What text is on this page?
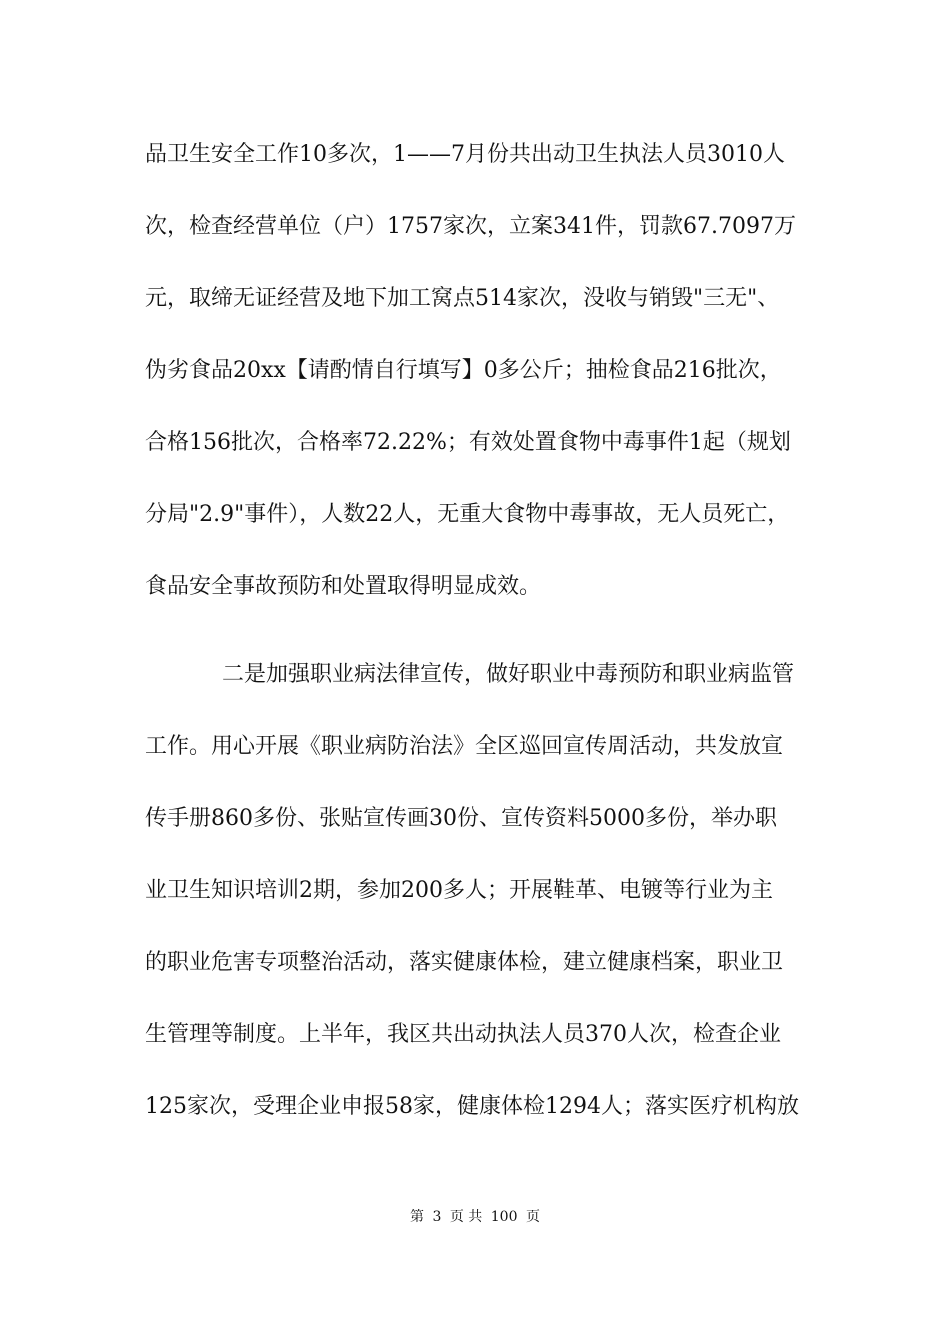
品卫生安全工作10多次，1——7月份共出动卫生执法人员3010人
次，检查经营单位（户）1757家次，立案341件，罚款67.7097万
元，取缔无证经营及地下加工窝点514家次，没收与销毁"三无"、
伪劣食品20xx【请酌情自行填写】0多公斤；抽检食品216批次，
合格156批次，合格率72.22%；有效处置食物中毒事件1起（规划
分局"2.9"事件），人数22人，无重大食物中毒事故，无人员死亡，
食品安全事故预防和处置取得明显成效。
二是加强职业病法律宣传，做好职业中毒预防和职业病监管
工作。用心开展《职业病防治法》全区巡回宣传周活动，共发放宣
传手册860多份、张贴宣传画30份、宣传资料5000多份，举办职
业卫生知识培训2期，参加200多人；开展鞋革、电镀等行业为主
的职业危害专项整治活动，落实健康体检，建立健康档案，职业卫
生管理等制度。上半年，我区共出动执法人员370人次，检查企业
125家次，受理企业申报58家，健康体检1294人；落实医疗机构放
第 3 页 共 100 页
